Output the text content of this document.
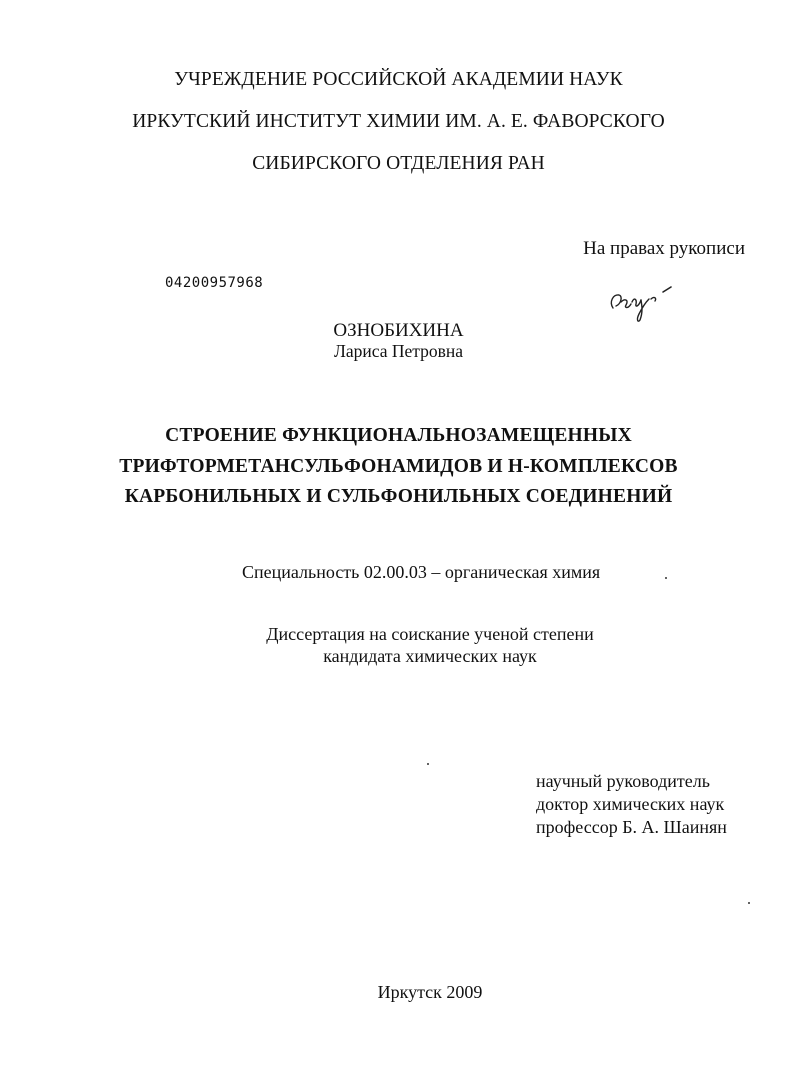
УЧРЕЖДЕНИЕ РОССИЙСКОЙ АКАДЕМИИ НАУК
ИРКУТСКИЙ ИНСТИТУТ ХИМИИ ИМ. А. Е. ФАВОРСКОГО
СИБИРСКОГО ОТДЕЛЕНИЯ РАН
На правах рукописи
04200957968
ОЗНОБИХИНА
Лариса Петровна
СТРОЕНИЕ ФУНКЦИОНАЛЬНОЗАМЕЩЕННЫХ
ТРИФТОРМЕТАНСУЛЬФОНАМИДОВ И Н-КОМПЛЕКСОВ
КАРБОНИЛЬНЫХ И СУЛЬФОНИЛЬНЫХ СОЕДИНЕНИЙ
Специальность 02.00.03 – органическая химия
Диссертация на соискание ученой степени
кандидата химических наук
научный руководитель
доктор химических наук
профессор Б. А. Шаинян
Иркутск 2009
